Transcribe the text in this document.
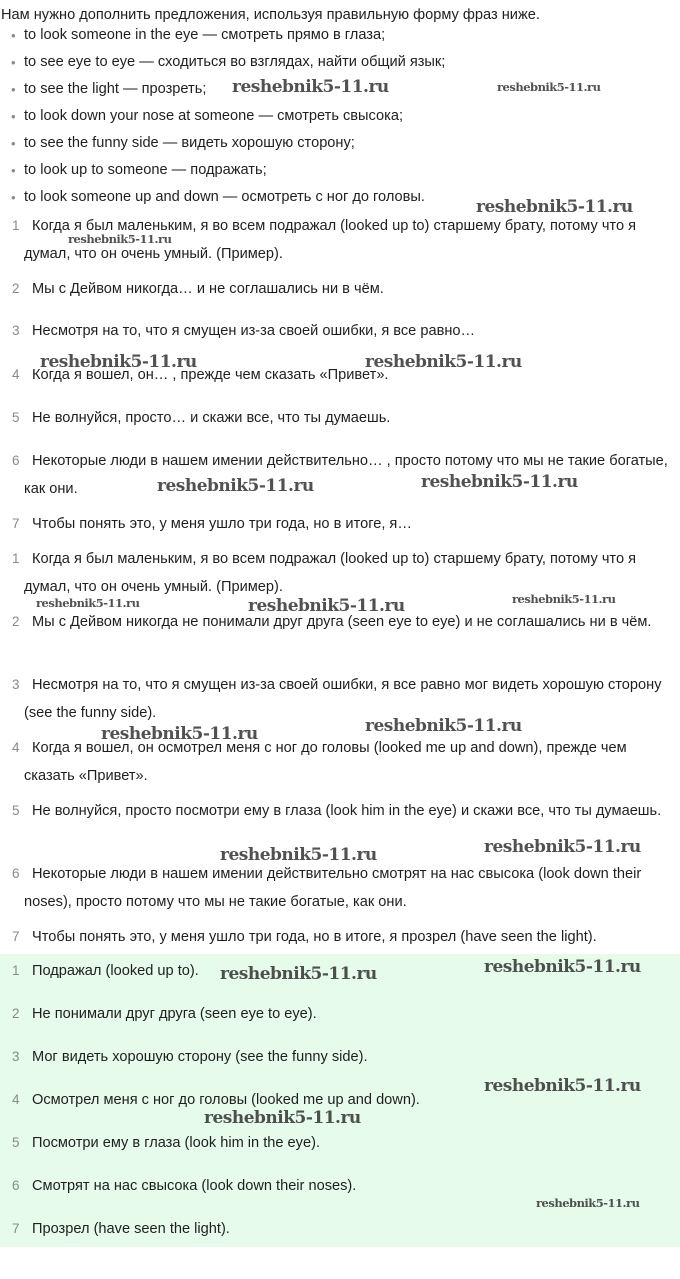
Нам нужно дополнить предложения, используя правильную форму фраз ниже.
• to look someone in the eye — смотреть прямо в глаза;
• to see eye to eye — сходиться во взглядах, найти общий язык;
• to see the light — прозреть;
• to look down your nose at someone — смотреть свысока;
• to see the funny side — видеть хорошую сторону;
• to look up to someone — подражать;
• to look someone up and down — осмотреть с ног до головы.
1 Когда я был маленьким, я во всем подражал (looked up to) старшему брату, потому что я думал, что он очень умный. (Пример).
2 Мы с Дейвом никогда… и не соглашались ни в чём.
3 Несмотря на то, что я смущен из-за своей ошибки, я все равно…
4 Когда я вошел, он… , прежде чем сказать «Привет».
5 Не волнуйся, просто… и скажи все, что ты думаешь.
6 Некоторые люди в нашем имении действительно… , просто потому что мы не такие богатые, как они.
7 Чтобы понять это, у меня ушло три года, но в итоге, я…
1 Когда я был маленьким, я во всем подражал (looked up to) старшему брату, потому что я думал, что он очень умный. (Пример).
2 Мы с Дейвом никогда не понимали друг друга (seen eye to eye) и не соглашались ни в чём.
3 Несмотря на то, что я смущен из-за своей ошибки, я все равно мог видеть хорошую сторону (see the funny side).
4 Когда я вошел, он осмотрел меня с ног до головы (looked me up and down), прежде чем сказать «Привет».
5 Не волнуйся, просто посмотри ему в глаза (look him in the eye) и скажи все, что ты думаешь.
6 Некоторые люди в нашем имении действительно смотрят на нас свысока (look down their noses), просто потому что мы не такие богатые, как они.
7 Чтобы понять это, у меня ушло три года, но в итоге, я прозрел (have seen the light).
1 Подражал (looked up to).
2 Не понимали друг друга (seen eye to eye).
3 Мог видеть хорошую сторону (see the funny side).
4 Осмотрел меня с ног до головы (looked me up and down).
5 Посмотри ему в глаза (look him in the eye).
6 Смотрят на нас свысока (look down their noses).
7 Прозрел (have seen the light).
reshebnik5-11.ru	reshebnik5-11.ru
reshebnik5-11.ru
reshebnik5-11.ru
reshebnik5-11.ru	reshebnik5-11.ru
reshebnik5-11.ru	reshebnik5-11.ru
reshebnik5-11.ru	reshebnik5-11.ru	reshebnik5-11.ru
reshebnik5-11.ru	reshebnik5-11.ru
reshebnik5-11.ru	reshebnik5-11.ru
reshebnik5-11.ru	reshebnik5-11.ru
reshebnik5-11.ru
reshebnik5-11.ru
reshebnik5-11.ru
